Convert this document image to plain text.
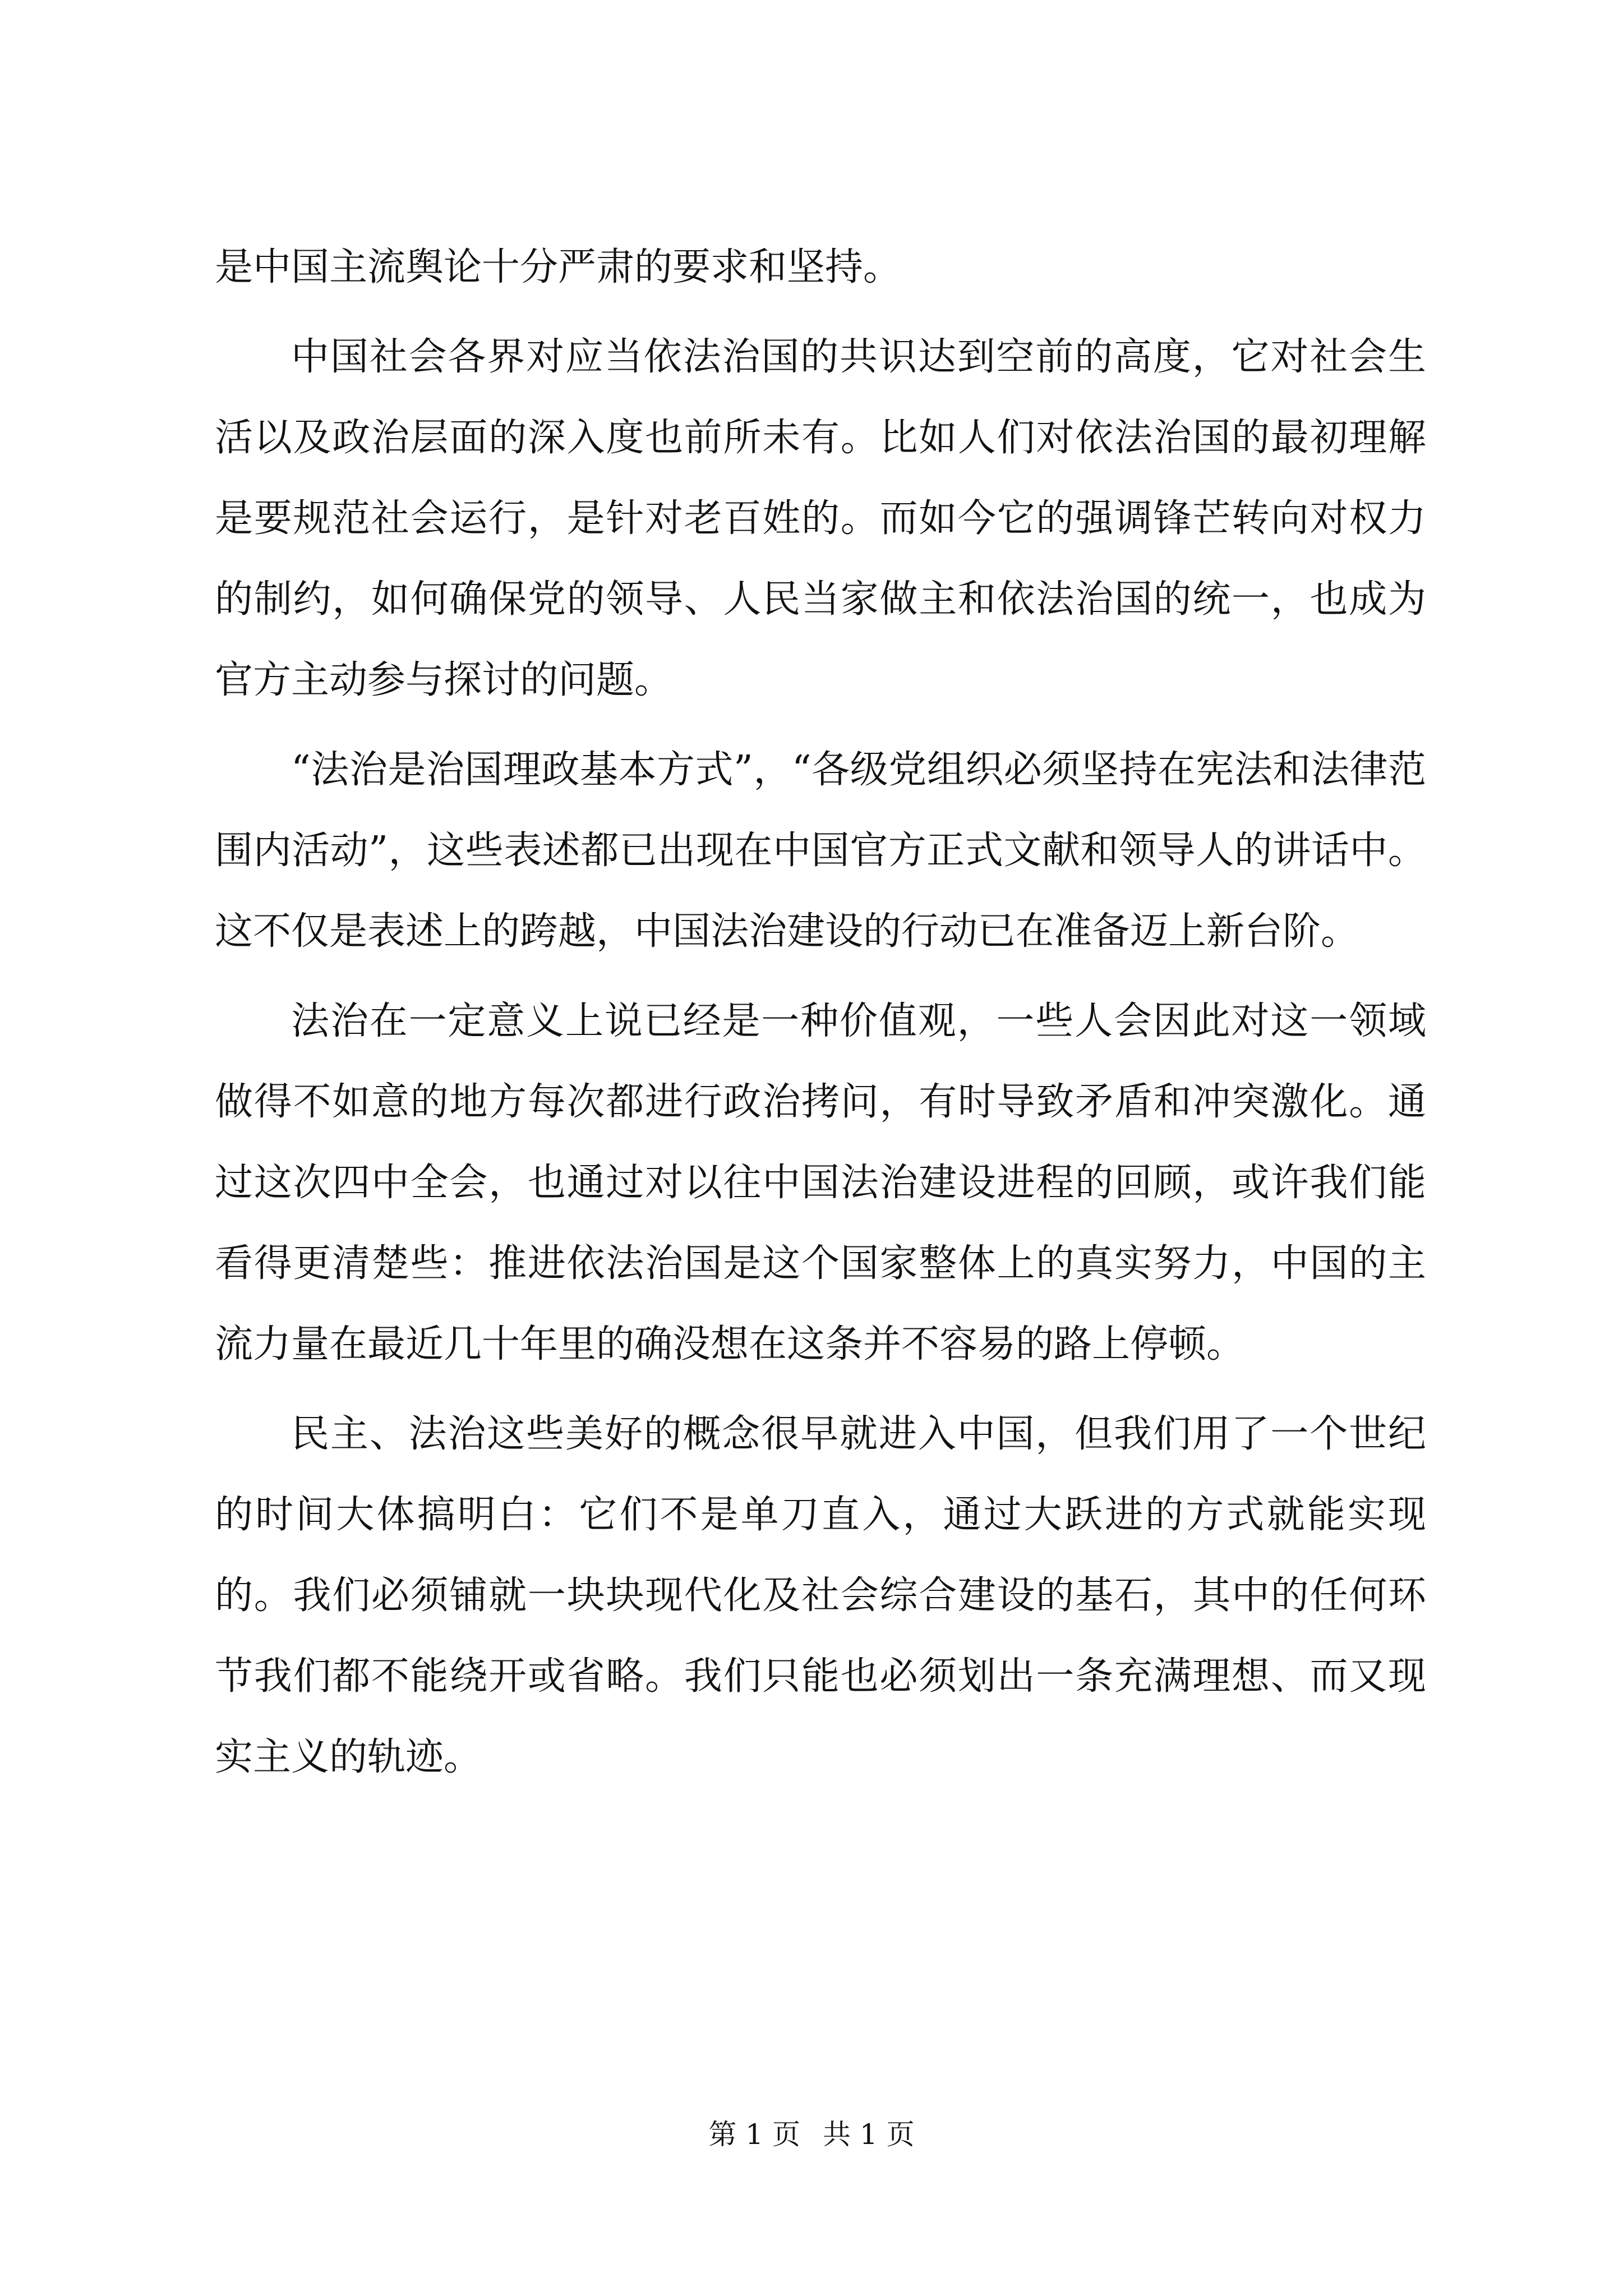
是中国主流舆论十分严肃的要求和坚持。

中国社会各界对应当依法治国的共识达到空前的高度，它对社会生活以及政治层面的深入度也前所未有。比如人们对依法治国的最初理解是要规范社会运行，是针对老百姓的。而如今它的强调锋芒转向对权力的制约，如何确保党的领导、人民当家做主和依法治国的统一，也成为官方主动参与探讨的问题。

“法治是治国理政基本方式”，“各级党组织必须坚持在宪法和法律范围内活动”，这些表述都已出现在中国官方正式文献和领导人的讲话中。这不仅是表述上的跨越，中国法治建设的行动已在准备迈上新台阶。

法治在一定意义上说已经是一种价值观，一些人会因此对这一领域做得不如意的地方每次都进行政治拷问，有时导致矛盾和冲突激化。通过这次四中全会，也通过对以往中国法治建设进程的回顾，或许我们能看得更清楚些：推进依法治国是这个国家整体上的真实努力，中国的主流力量在最近几十年里的确没想在这条并不容易的路上停顿。

民主、法治这些美好的概念很早就进入中国，但我们用了一个世纪的时间大体搞明白：它们不是单刀直入，通过大跃进的方式就能实现的。我们必须铺就一块块现代化及社会综合建设的基石，其中的任何环节我们都不能绕开或省略。我们只能也必须划出一条充满理想、而又现实主义的轨迹。

第 1 页 共 1 页
